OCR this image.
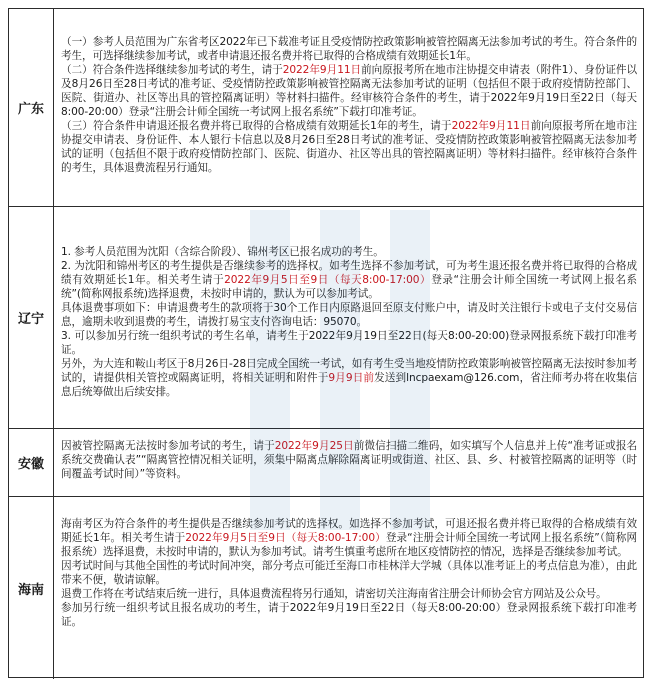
广东

（一）参考人员范围为广东省考区2022年已下载准考证且受疫情防控政策影响被管控隔离无法参加考试的考生。符合条件的考生，可选择继续参加考试，或者申请退还报名费并将已取得的合格成绩有效期延长1年。

（二）符合条件选择继续参加考试的考生，请于2022年9月11日前向原报考所在地市注协提交申请表（附件1）、身份证件以及8月26日至28日考试的准考证、受疫情防控政策影响被管控隔离无法参加考试的证明（包括但不限于政府疫情防控部门、医院、街道办、社区等出具的管控隔离证明）等材料扫描件。经审核符合条件的考生，请于2022年9月19日至22日（每天8:00-20:00）登录“注册会计师全国统一考试网上报名系统”下载打印准考证。

（三）符合条件申请退还报名费并将已取得的合格成绩有效期延长1年的考生，请于2022年9月11日前向原报考所在地市注协提交申请表、身份证件、本人银行卡信息以及8月26日至28日考试的准考证、受疫情防控政策影响被管控隔离无法参加考试的证明（包括但不限于政府疫情防控部门、医院、街道办、社区等出具的管控隔离证明）等材料扫描件。经审核符合条件的考生，具体退费流程另行通知。

辽宁

1. 参考人员范围为沈阳（含综合阶段）、锦州考区已报名成功的考生。

2. 为沈阳和锦州考区的考生提供是否继续参考的选择权。如考生选择不参加考试，可为考生退还报名费并将已取得的合格成绩有效期延长1年。相关考生请于2022年9月5日至9日（每天8:00-17:00）登录“注册会计师全国统一考试网上报名系统”(简称网报系统)选择退费，未按时申请的，默认为可以参加考试。

具体退费事项如下：申请退费考生的款项将于30个工作日内原路退回至原支付账户中，请及时关注银行卡或电子支付交易信息，逾期未收到退费的考生，请拨打易宝支付咨询电话：95070。

3. 可以参加另行统一组织考试的考生名单，请考生于2022年9月19日至22日(每天8:00-20:00)登录网报系统下载打印准考证。

另外，为大连和鞍山考区于8月26日-28日完成全国统一考试，如有考生受当地疫情防控政策影响被管控隔离无法按时参加考试的，请提供相关管控或隔离证明，将相关证明和附件于9月9日前发送到lncpaexam@126.com，省注师考办将在收集信息后统筹做出后续安排。

安徽

因被管控隔离无法按时参加考试的考生，请于2022年9月25日前微信扫描二维码，如实填写个人信息并上传“准考证或报名系统交费确认表”“隔离管控情况相关证明，须集中隔离点解除隔离证明或街道、社区、县、乡、村被管控隔离的证明等（时间覆盖考试时间）”等资料。

海南

海南考区为符合条件的考生提供是否继续参加考试的选择权。如选择不参加考试，可退还报名费并将已取得的合格成绩有效期延长1年。相关考生请于2022年9月5日至9日（每天8:00-17:00）登录“注册会计师全国统一考试网上报名系统”（简称网报系统）选择退费，未按时申请的，默认为参加考试。请考生慎重考虑所在地区疫情防控的情况，选择是否继续参加考试。

因考试时间与其他全国性的考试时间冲突，部分考点可能迁至海口市桂林洋大学城（具体以准考证上的考点信息为准），由此带来不便，敬请谅解。

退费工作将在考试结束后统一进行，具体退费流程将另行通知，请密切关注海南省注册会计师协会官方网站及公众号。

参加另行统一组织考试且报名成功的考生，请于2022年9月19日至22日（每天8:00-20:00）登录网报系统下载打印准考证。
